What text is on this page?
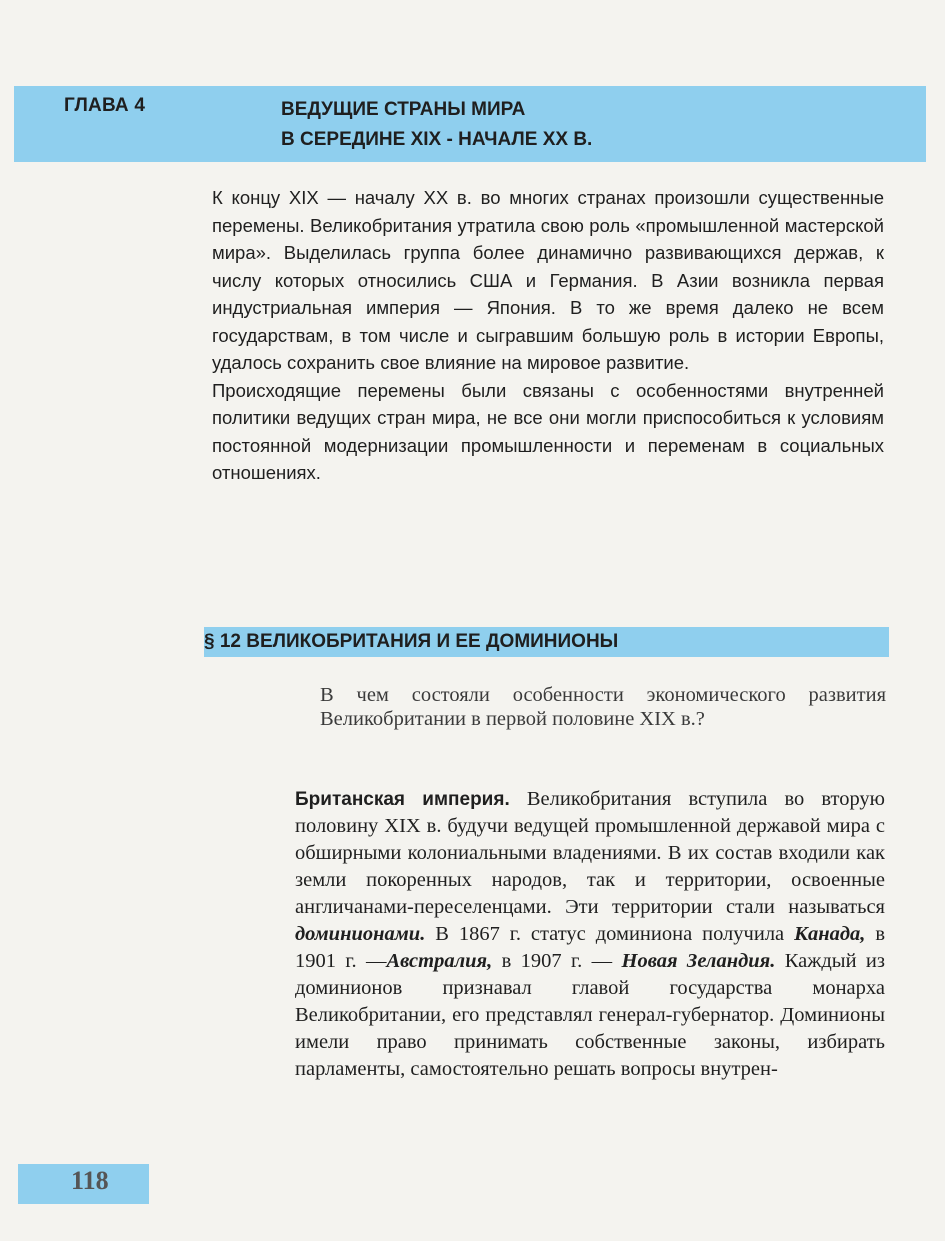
ГЛАВА 4	ВЕДУЩИЕ СТРАНЫ МИРА
В СЕРЕДИНЕ XIX - НАЧАЛЕ XX В.

К концу XIX — началу XX в. во многих странах произошли существенные перемены. Великобритания утратила свою роль «промышленной мастерской мира». Выделилась группа более динамично развивающихся держав, к числу которых относились США и Германия. В Азии возникла первая индустриальная империя — Япония. В то же время далеко не всем государствам, в том числе и сыгравшим большую роль в истории Европы, удалось сохранить свое влияние на мировое развитие.

Происходящие перемены были связаны с особенностями внутренней политики ведущих стран мира, не все они могли приспособиться к условиям постоянной модернизации промышленности и переменам в социальных отношениях.

§ 12 ВЕЛИКОБРИТАНИЯ И ЕЕ ДОМИНИОНЫ

В чем состояли особенности экономического развития Великобритании в первой половине XIX в.?

Британская империя. Великобритания вступила во вторую половину XIX в. будучи ведущей промышленной державой мира с обширными колониальными владениями. В их состав входили как земли покоренных народов, так и территории, освоенные англичанами-переселенцами. Эти территории стали называться доминионами. В 1867 г. статус доминиона получила Канада, в 1901 г. —Австралия, в 1907 г. — Новая Зеландия. Каждый из доминионов признавал главой государства монарха Великобритании, его представлял генерал-губернатор. Доминионы имели право принимать собственные законы, избирать парламенты, самостоятельно решать вопросы внутрен-

118
